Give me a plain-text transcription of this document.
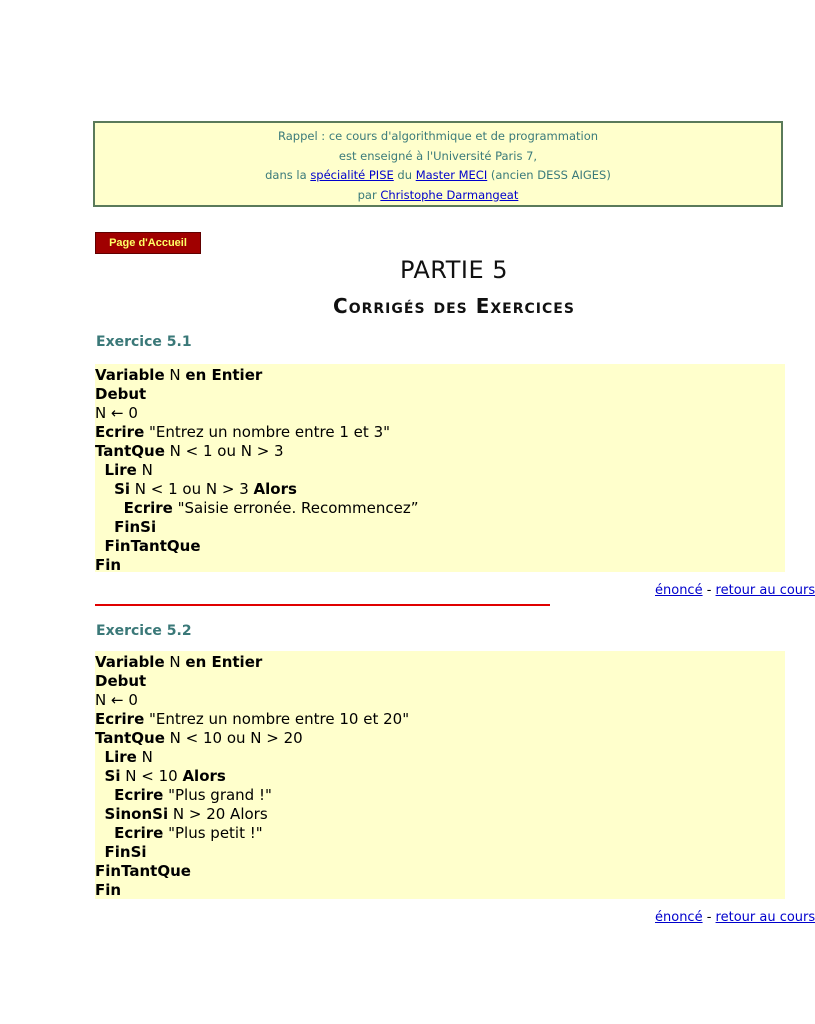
Rappel : ce cours d'algorithmique et de programmation
est enseigné à l'Université Paris 7,
dans la spécialité PISE du Master MECI (ancien DESS AIGES)
par Christophe Darmangeat
Page d'Accueil
PARTIE 5
Corrigés des Exercices
Exercice 5.1
Variable N en Entier
Debut
N ← 0
Ecrire "Entrez un nombre entre 1 et 3"
TantQue N < 1 ou N > 3
Lire N
Si N < 1 ou N > 3 Alors
Ecrire "Saisie erronée. Recommencez”
FinSi
FinTantQue
Fin
énoncé - retour au cours
Exercice 5.2
Variable N en Entier
Debut
N ← 0
Ecrire "Entrez un nombre entre 10 et 20"
TantQue N < 10 ou N > 20
Lire N
Si N < 10 Alors
Ecrire "Plus grand !"
SinonSi N > 20 Alors
Ecrire "Plus petit !"
FinSi
FinTantQue
Fin
énoncé - retour au cours
